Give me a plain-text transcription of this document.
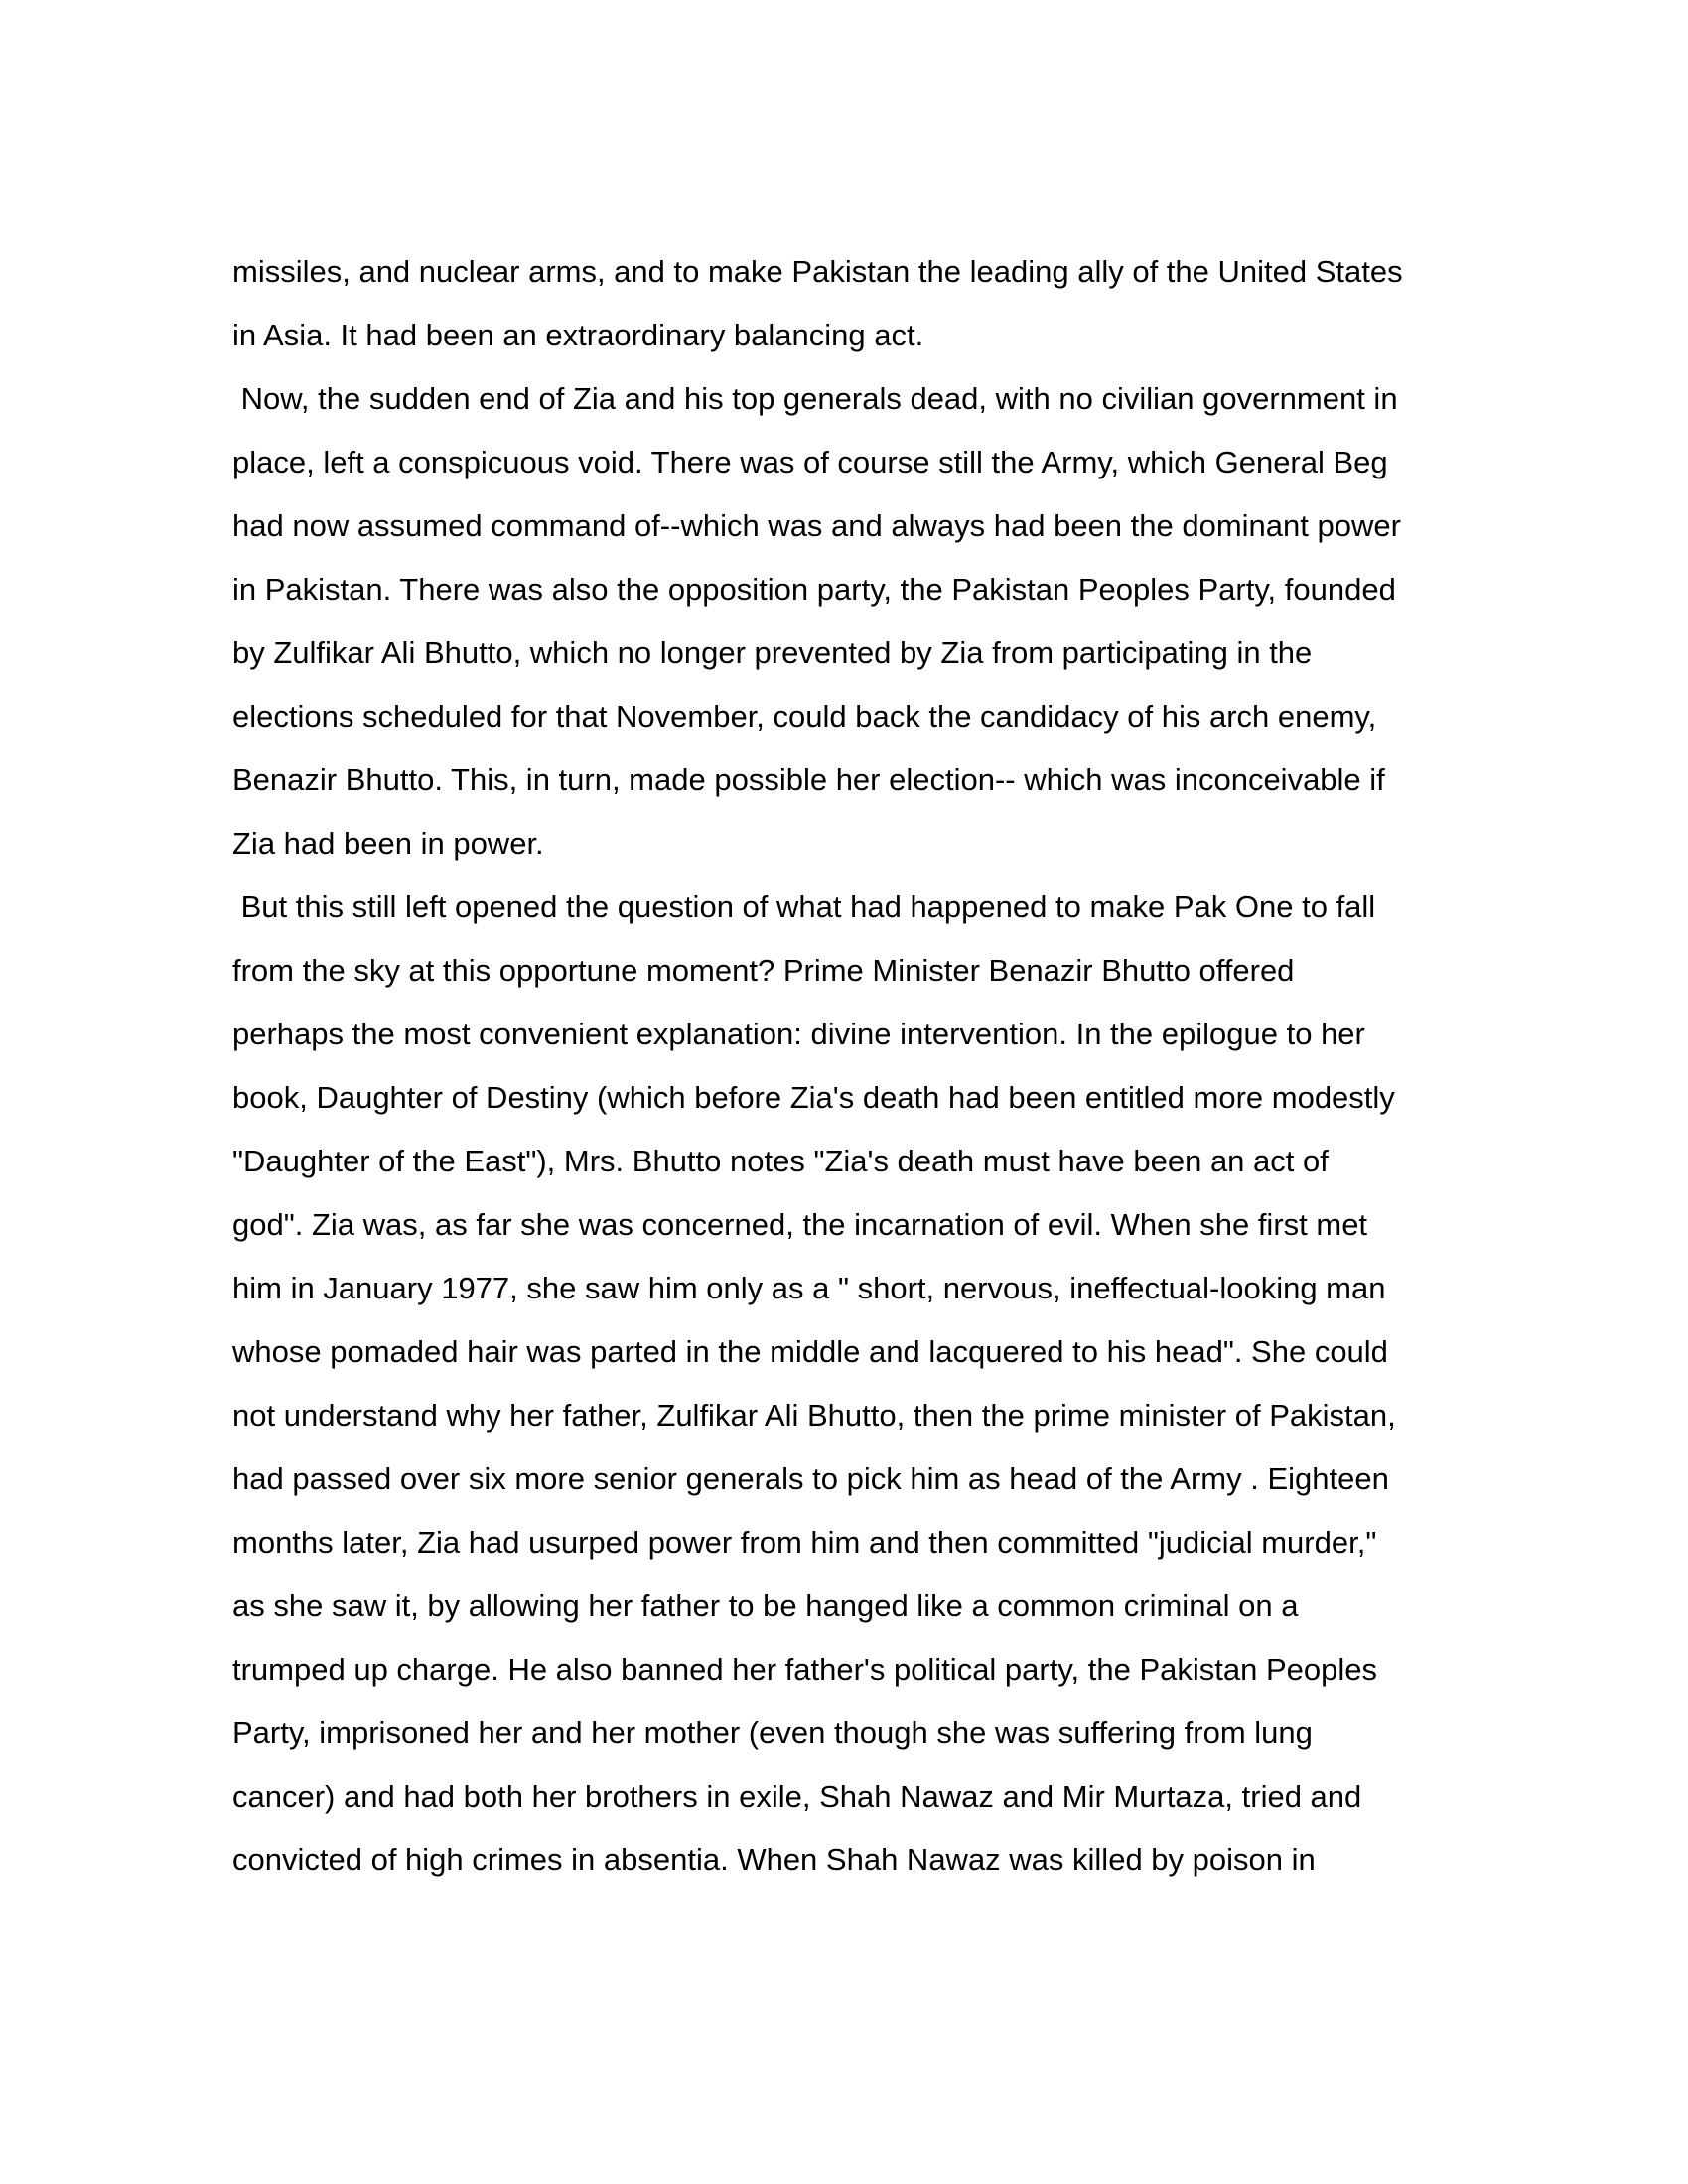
missiles, and nuclear arms, and to make Pakistan the leading ally of the United States
in Asia. It had been an extraordinary balancing act.
Now, the sudden end of Zia and his top generals dead, with no civilian government in
place, left a conspicuous void. There was of course still the Army, which General Beg
had now assumed command of--which was and always had been the dominant power
in Pakistan. There was also the opposition party, the Pakistan Peoples Party, founded
by Zulfikar Ali Bhutto, which no longer prevented by Zia from participating in the
elections scheduled for that November, could back the candidacy of his arch enemy,
Benazir Bhutto. This, in turn, made possible her election-- which was inconceivable if
Zia had been in power.
But this still left opened the question of what had happened to make Pak One to fall
from the sky at this opportune moment? Prime Minister Benazir Bhutto offered
perhaps the most convenient explanation: divine intervention. In the epilogue to her
book, Daughter of Destiny (which before Zia's death had been entitled more modestly
"Daughter of the East"), Mrs. Bhutto notes "Zia's death must have been an act of
god". Zia was, as far she was concerned, the incarnation of evil. When she first met
him in January 1977, she saw him only as a " short, nervous, ineffectual-looking man
whose pomaded hair was parted in the middle and lacquered to his head". She could
not understand why her father, Zulfikar Ali Bhutto, then the prime minister of Pakistan,
had passed over six more senior generals to pick him as head of the Army . Eighteen
months later, Zia had usurped power from him and then committed "judicial murder,"
as she saw it, by allowing her father to be hanged like a common criminal on a
trumped up charge. He also banned her father's political party, the Pakistan Peoples
Party, imprisoned her and her mother (even though she was suffering from lung
cancer) and had both her brothers in exile, Shah Nawaz and Mir Murtaza, tried and
convicted of high crimes in absentia. When Shah Nawaz was killed by poison in
